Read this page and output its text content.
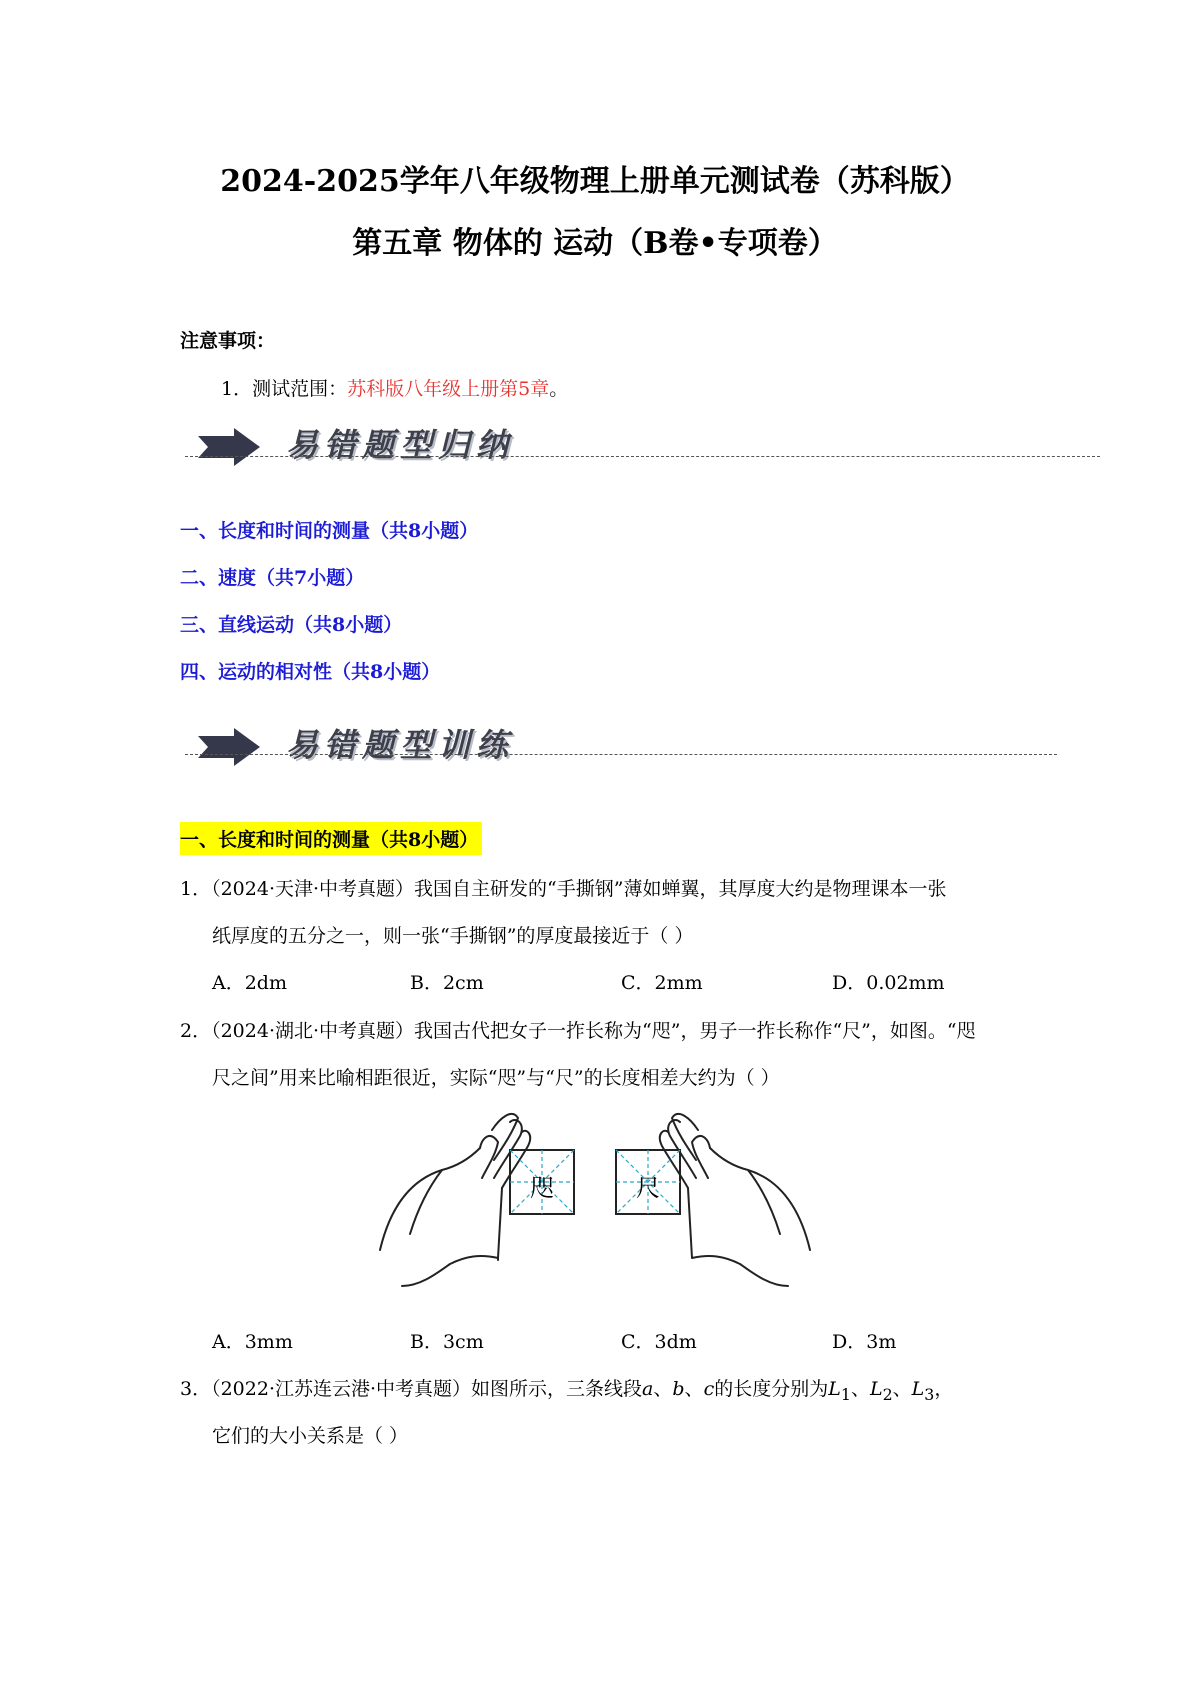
2024-2025学年八年级物理上册单元测试卷（苏科版）
第五章 物体的 运动（B卷•专项卷）
注意事项：
1．测试范围：苏科版八年级上册第5章。
易错题型归纳
一、长度和时间的测量（共8小题）
二、速度（共7小题）
三、直线运动（共8小题）
四、运动的相对性（共8小题）
易错题型训练
一、长度和时间的测量（共8小题）
1．（2024·天津·中考真题）我国自主研发的“手撕钢”薄如蝉翼，其厚度大约是物理课本一张
纸厚度的五分之一，则一张“手撕钢”的厚度最接近于（ ）
A．2dm	B．2cm	C．2mm	D．0.02mm
2．（2024·湖北·中考真题）我国古代把女子一拃长称为“咫”，男子一拃长称作“尺”，如图。“咫
尺之间”用来比喻相距很近，实际“咫”与“尺”的长度相差大约为（ ）
咫	尺
A．3mm	B．3cm	C．3dm	D．3m
3．（2022·江苏连云港·中考真题）如图所示，三条线段a、b、c的长度分别为$L_1$、$L_2$、$L_3$，
它们的大小关系是（ ）
